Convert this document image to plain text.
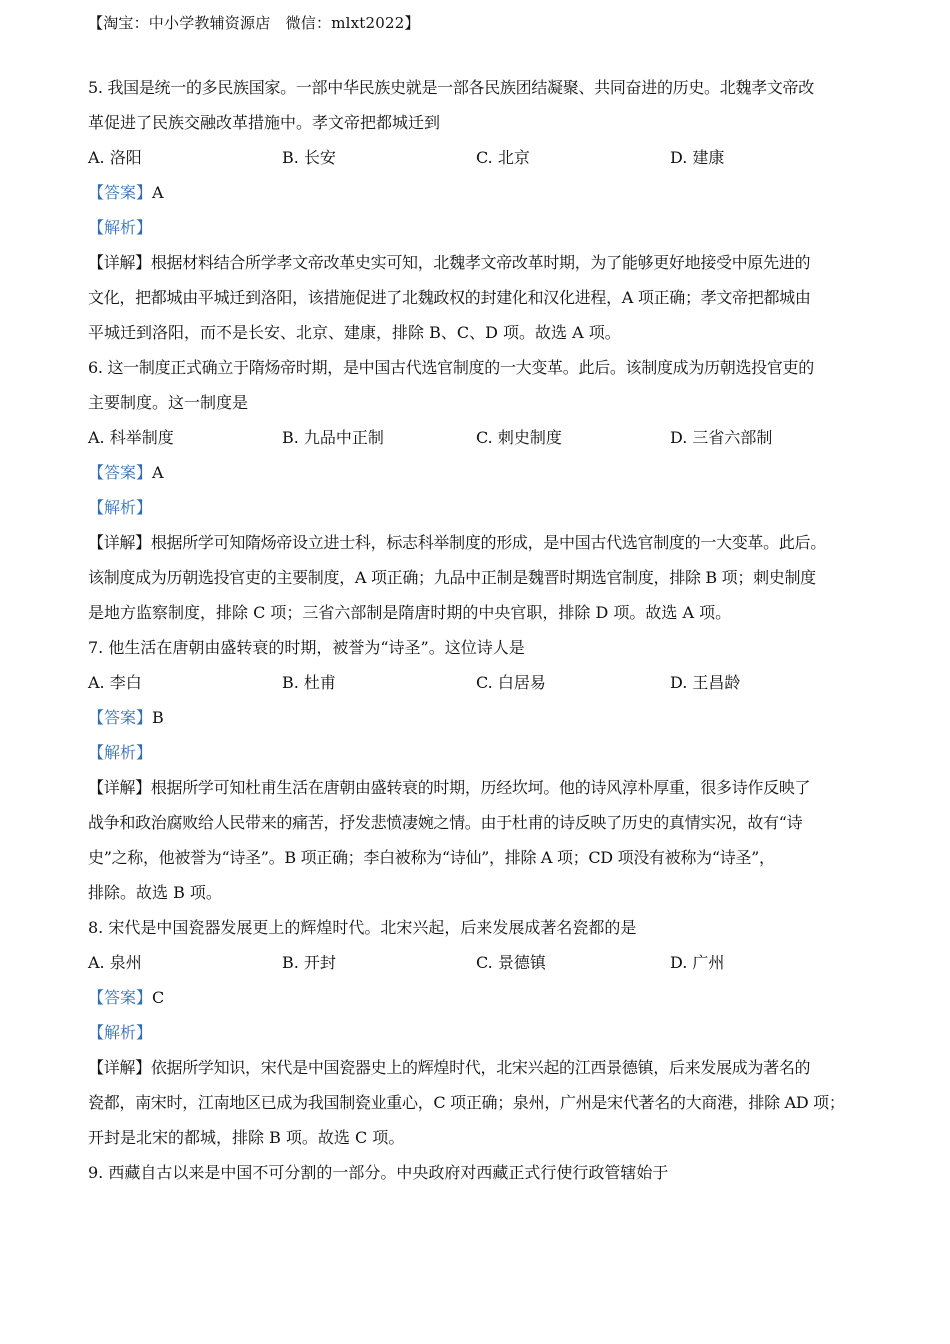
【淘宝：中小学教辅资源店　微信：mlxt2022】
5. 我国是统一的多民族国家。一部中华民族史就是一部各民族团结凝聚、共同奋进的历史。北魏孝文帝改
革促进了民族交融改革措施中。孝文帝把都城迁到
A. 洛阳	B. 长安	C. 北京	D. 建康
【答案】A
【解析】
【详解】根据材料结合所学孝文帝改革史实可知，北魏孝文帝改革时期，为了能够更好地接受中原先进的
文化，把都城由平城迁到洛阳，该措施促进了北魏政权的封建化和汉化进程，A 项正确；孝文帝把都城由
平城迁到洛阳，而不是长安、北京、建康，排除 B、C、D 项。故选 A 项。
6. 这一制度正式确立于隋炀帝时期，是中国古代选官制度的一大变革。此后。该制度成为历朝选投官吏的
主要制度。这一制度是
A. 科举制度	B. 九品中正制	C. 刺史制度	D. 三省六部制
【答案】A
【解析】
【详解】根据所学可知隋炀帝设立进士科，标志科举制度的形成，是中国古代选官制度的一大变革。此后。
该制度成为历朝选投官吏的主要制度，A 项正确；九品中正制是魏晋时期选官制度，排除 B 项；刺史制度
是地方监察制度，排除 C 项；三省六部制是隋唐时期的中央官职，排除 D 项。故选 A 项。
7. 他生活在唐朝由盛转衰的时期，被誉为“诗圣”。这位诗人是
A. 李白	B. 杜甫	C. 白居易	D. 王昌龄
【答案】B
【解析】
【详解】根据所学可知杜甫生活在唐朝由盛转衰的时期，历经坎坷。他的诗风淳朴厚重，很多诗作反映了
战争和政治腐败给人民带来的痛苦，抒发悲愤凄婉之情。由于杜甫的诗反映了历史的真情实况，故有“诗
史”之称，他被誉为“诗圣”。B 项正确；李白被称为“诗仙”，排除 A 项；CD 项没有被称为“诗圣”，
排除。故选 B 项。
8. 宋代是中国瓷器发展更上的辉煌时代。北宋兴起，后来发展成著名瓷都的是
A. 泉州	B. 开封	C. 景德镇	D. 广州
【答案】C
【解析】
【详解】依据所学知识，宋代是中国瓷器史上的辉煌时代，北宋兴起的江西景德镇，后来发展成为著名的
瓷都，南宋时，江南地区已成为我国制瓷业重心，C 项正确；泉州，广州是宋代著名的大商港，排除 AD 项；
开封是北宋的都城，排除 B 项。故选 C 项。
9. 西藏自古以来是中国不可分割的一部分。中央政府对西藏正式行使行政管辖始于
